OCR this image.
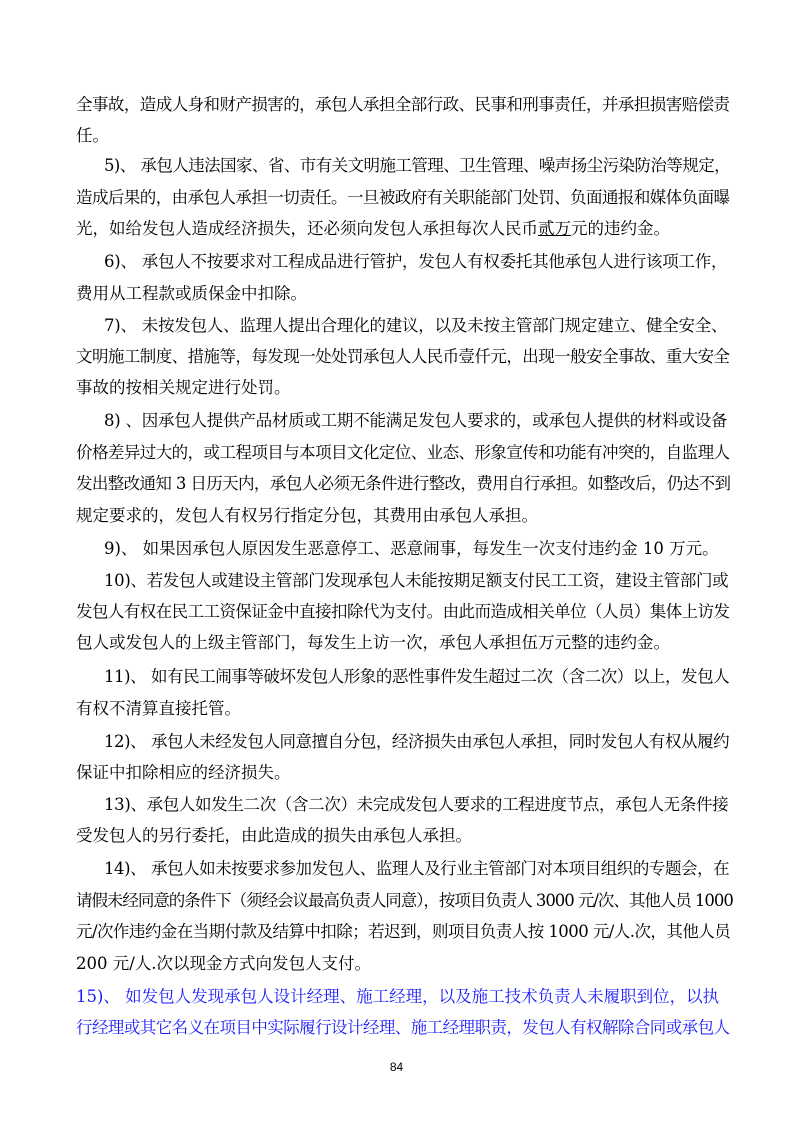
全事故，造成人身和财产损害的，承包人承担全部行政、民事和刑事责任，并承担损害赔偿责
任。
5)、 承包人违法国家、省、市有关文明施工管理、卫生管理、噪声扬尘污染防治等规定，
造成后果的，由承包人承担一切责任。一旦被政府有关职能部门处罚、负面通报和媒体负面曝
光，如给发包人造成经济损失，还必须向发包人承担每次人民币贰万元的违约金。
6)、 承包人不按要求对工程成品进行管护，发包人有权委托其他承包人进行该项工作，
费用从工程款或质保金中扣除。
7)、 未按发包人、监理人提出合理化的建议，以及未按主管部门规定建立、健全安全、
文明施工制度、措施等，每发现一处处罚承包人人民币壹仟元，出现一般安全事故、重大安全
事故的按相关规定进行处罚。
8) 、因承包人提供产品材质或工期不能满足发包人要求的，或承包人提供的材料或设备
价格差异过大的，或工程项目与本项目文化定位、业态、形象宣传和功能有冲突的，自监理人
发出整改通知 3 日历天内，承包人必须无条件进行整改，费用自行承担。如整改后，仍达不到
规定要求的，发包人有权另行指定分包，其费用由承包人承担。
9)、 如果因承包人原因发生恶意停工、恶意闹事，每发生一次支付违约金 10 万元。
10)、若发包人或建设主管部门发现承包人未能按期足额支付民工工资，建设主管部门或
发包人有权在民工工资保证金中直接扣除代为支付。由此而造成相关单位（人员）集体上访发
包人或发包人的上级主管部门，每发生上访一次，承包人承担伍万元整的违约金。
11)、 如有民工闹事等破坏发包人形象的恶性事件发生超过二次（含二次）以上，发包人
有权不清算直接托管。
12)、 承包人未经发包人同意擅自分包，经济损失由承包人承担，同时发包人有权从履约
保证中扣除相应的经济损失。
13)、承包人如发生二次（含二次）未完成发包人要求的工程进度节点，承包人无条件接
受发包人的另行委托，由此造成的损失由承包人承担。
14)、 承包人如未按要求参加发包人、监理人及行业主管部门对本项目组织的专题会，在
请假未经同意的条件下（须经会议最高负责人同意），按项目负责人 3000 元/次、其他人员 1000
元/次作违约金在当期付款及结算中扣除；若迟到，则项目负责人按 1000 元/人.次，其他人员
200 元/人.次以现金方式向发包人支付。
15)、 如发包人发现承包人设计经理、施工经理，以及施工技术负责人未履职到位，以执
行经理或其它名义在项目中实际履行设计经理、施工经理职责，发包人有权解除合同或承包人
84
